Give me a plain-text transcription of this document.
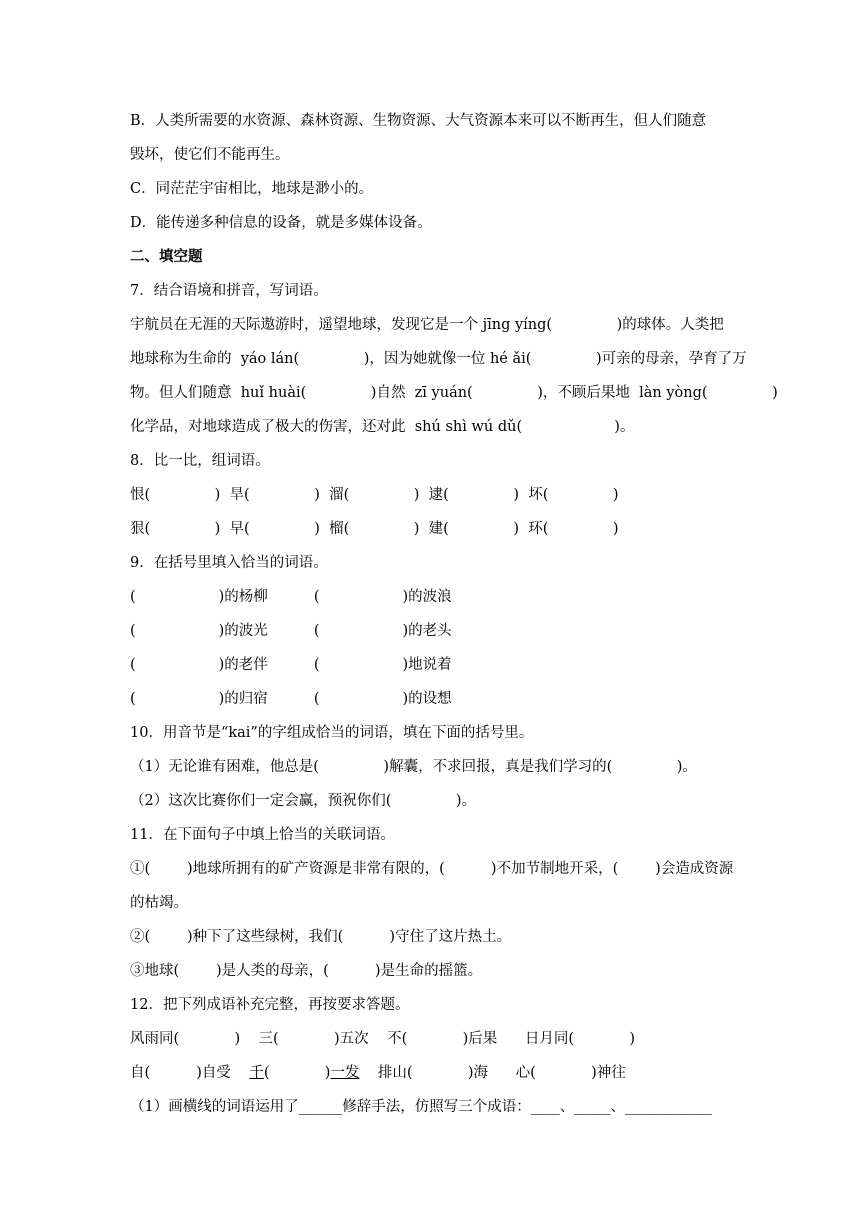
B．人类所需要的水资源、森林资源、生物资源、大气资源本来可以不断再生，但人们随意
毁坏，使它们不能再生。
C．同茫茫宇宙相比，地球是渺小的。
D．能传递多种信息的设备，就是多媒体设备。
二、填空题
7．结合语境和拼音，写词语。
宇航员在无涯的天际遨游时，遥望地球，发现它是一个 jīng yíng(              )的球体。人类把
地球称为生命的  yáo lán(              )，因为她就像一位 hé ǎi(              )可亲的母亲，孕育了万
物。但人们随意  huǐ huài(              )自然  zī yuán(              )，不顾后果地  làn yòng(              )
化学品，对地球造成了极大的伤害，还对此  shú shì wú dǔ(                    )。
8．比一比，组词语。
恨(              )  旱(              )  溜(              )  逮(              )  坏(              )
狠(              )  早(              )  榴(              )  建(              )  环(              )
9．在括号里填入恰当的词语。
(                  )的杨柳          (                  )的波浪
(                  )的波光          (                  )的老头
(                  )的老伴          (                  )地说着
(                  )的归宿          (                  )的设想
10．用音节是“kai”的字组成恰当的词语，填在下面的括号里。
（1）无论谁有困难，他总是(              )解囊，不求回报，真是我们学习的(              )。
（2）这次比赛你们一定会赢，预祝你们(              )。
11．在下面句子中填上恰当的关联词语。
①(        )地球所拥有的矿产资源是非常有限的，(          )不加节制地开采，(        )会造成资源
的枯竭。
②(        )种下了这些绿树，我们(          )守住了这片热土。
③地球(        )是人类的母亲，(          )是生命的摇篮。
12．把下列成语补充完整，再按要求答题。
风雨同(            )    三(            )五次    不(            )后果      日月同(            )
自(          )自受    千(            )一发    排山(            )海      心(            )神往
（1）画横线的词语运用了______修辞手法，仿照写三个成语：____、_____、____________
